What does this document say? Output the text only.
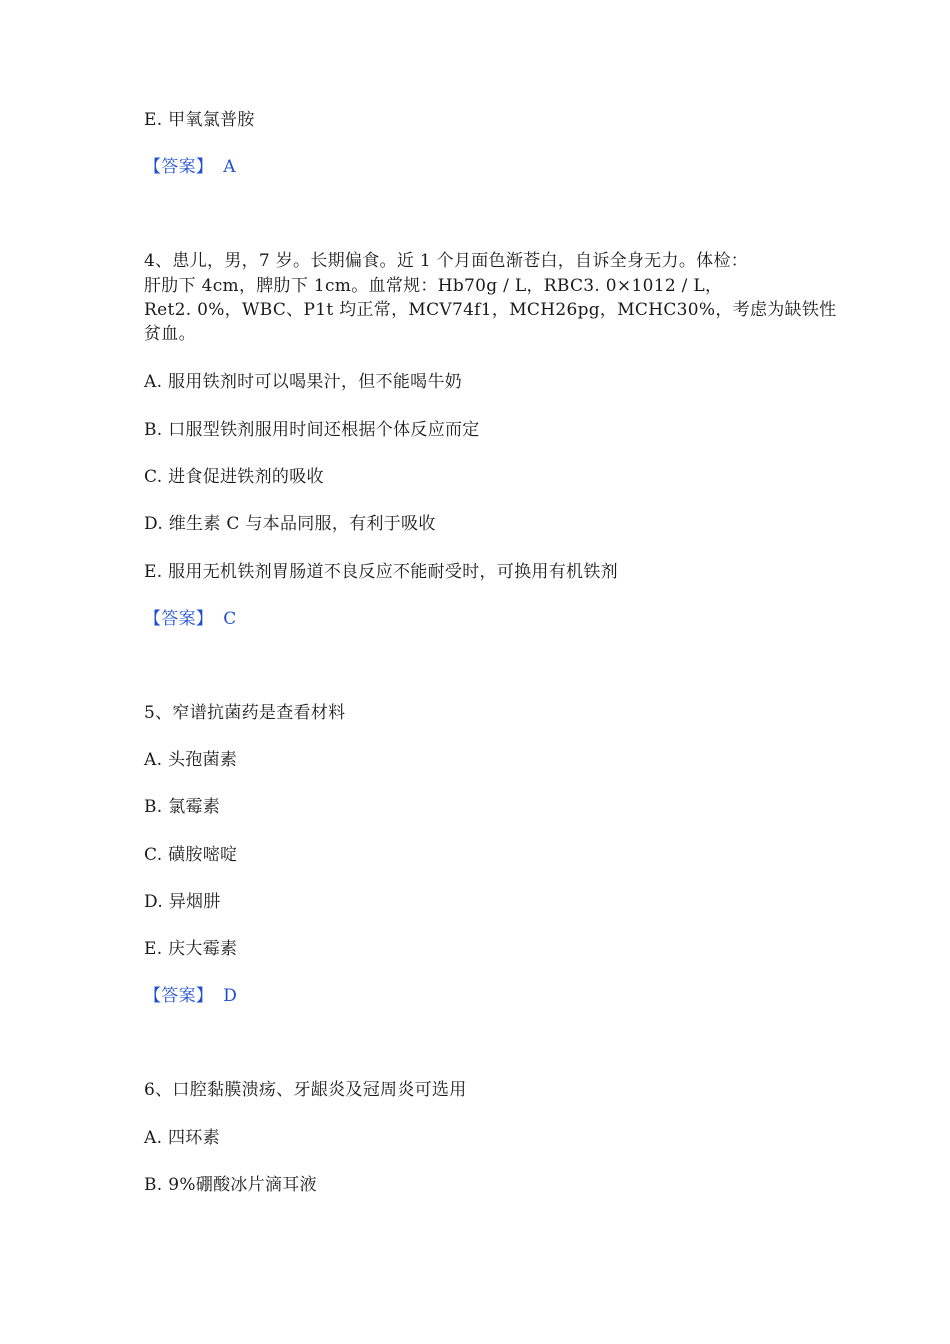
E. 甲氧氯普胺
【答案】 A
4、患儿，男，7 岁。长期偏食。近 1 个月面色渐苍白，自诉全身无力。体检：
肝肋下 4cm，脾肋下 1cm。血常规：Hb70g / L，RBC3. 0×1012 / L，
Ret2. 0%，WBC、P1t 均正常，MCV74f1，MCH26pg，MCHC30%，考虑为缺铁性
贫血。
A. 服用铁剂时可以喝果汁，但不能喝牛奶
B. 口服型铁剂服用时间还根据个体反应而定
C. 进食促进铁剂的吸收
D. 维生素 C 与本品同服，有利于吸收
E. 服用无机铁剂胃肠道不良反应不能耐受时，可换用有机铁剂
【答案】 C
5、窄谱抗菌药是查看材料
A. 头孢菌素
B. 氯霉素
C. 磺胺嘧啶
D. 异烟肼
E. 庆大霉素
【答案】 D
6、口腔黏膜溃疡、牙龈炎及冠周炎可选用
A. 四环素
B. 9%硼酸冰片滴耳液
